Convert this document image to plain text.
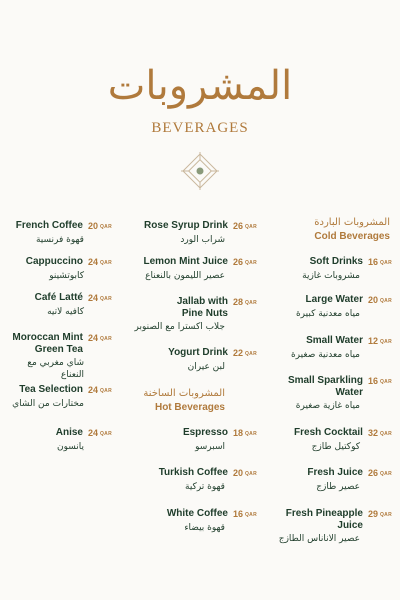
المشروبات
BEVERAGES
French Coffee 20 QAR
قهوة فرنسية
Cappuccino 24 QAR
كابوتشينو
Café Latté 24 QAR
كافيه لاتيه
Moroccan Mint Green Tea
24 QAR
شاي مغربي مع النعناع
Tea Selection 24 QAR
مختارات من الشاي
Anise 24 QAR
يانسون
Rose Syrup Drink 26 QAR
شراب الورد
Lemon Mint Juice 26 QAR
عصير الليمون بالنعناع
Jallab with Pine Nuts
28 QAR
جلاب اكسترا مع الصنوبر
Yogurt Drink 22 QAR
لبن عيران
المشروبات الساخنة
Hot Beverages
Espresso 18 QAR
اسبرسو
Turkish Coffee 20 QAR
قهوة تركية
White Coffee 16 QAR
قهوة بيضاء
المشروبات الباردة
Cold Beverages
Soft Drinks 16 QAR
مشروبات غازية
Large Water 20 QAR
مياه معدنية كبيرة
Small Water 12 QAR
مياه معدنية صغيرة
Small Sparkling Water
16 QAR
مياه غازية صغيرة
Fresh Cocktail 32 QAR
كوكتيل طازج
Fresh Juice 26 QAR
عصير طازج
Fresh Pineapple Juice
29 QAR
عصير الاناناس الطازج
